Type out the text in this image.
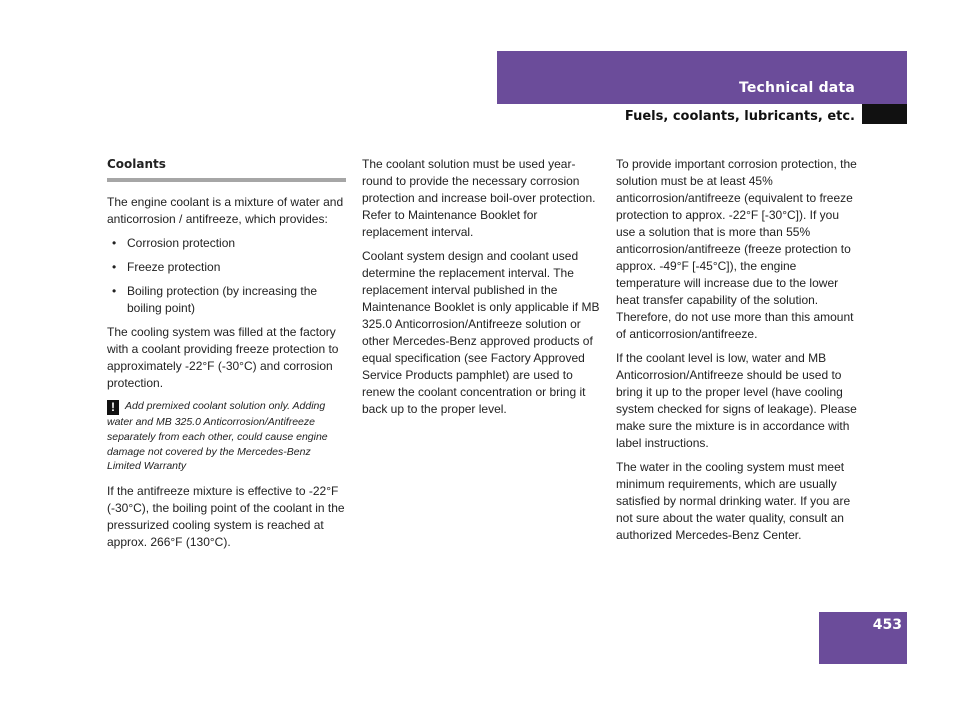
Technical data
Fuels, coolants, lubricants, etc.
Coolants

The engine coolant is a mixture of water and anticorrosion / antifreeze, which provides:

• Corrosion protection
• Freeze protection
• Boiling protection (by increasing the boiling point)

The cooling system was filled at the factory with a coolant providing freeze protection to approximately -22°F (-30°C) and corrosion protection.

! Add premixed coolant solution only. Adding water and MB 325.0 Anticorrosion/Antifreeze separately from each other, could cause engine damage not covered by the Mercedes-Benz Limited Warranty

If the antifreeze mixture is effective to -22°F (-30°C), the boiling point of the coolant in the pressurized cooling system is reached at approx. 266°F (130°C).

The coolant solution must be used year-round to provide the necessary corrosion protection and increase boil-over protection. Refer to Maintenance Booklet for replacement interval.

Coolant system design and coolant used determine the replacement interval. The replacement interval published in the Maintenance Booklet is only applicable if MB 325.0 Anticorrosion/Antifreeze solution or other Mercedes-Benz approved products of equal specification (see Factory Approved Service Products pamphlet) are used to renew the coolant concentration or bring it back up to the proper level.

To provide important corrosion protection, the solution must be at least 45% anticorrosion/antifreeze (equivalent to freeze protection to approx. -22°F [-30°C]). If you use a solution that is more than 55% anticorrosion/antifreeze (freeze protection to approx. -49°F [-45°C]), the engine temperature will increase due to the lower heat transfer capability of the solution. Therefore, do not use more than this amount of anticorrosion/antifreeze.

If the coolant level is low, water and MB Anticorrosion/Antifreeze should be used to bring it up to the proper level (have cooling system checked for signs of leakage). Please make sure the mixture is in accordance with label instructions.

The water in the cooling system must meet minimum requirements, which are usually satisfied by normal drinking water. If you are not sure about the water quality, consult an authorized Mercedes-Benz Center.

453
